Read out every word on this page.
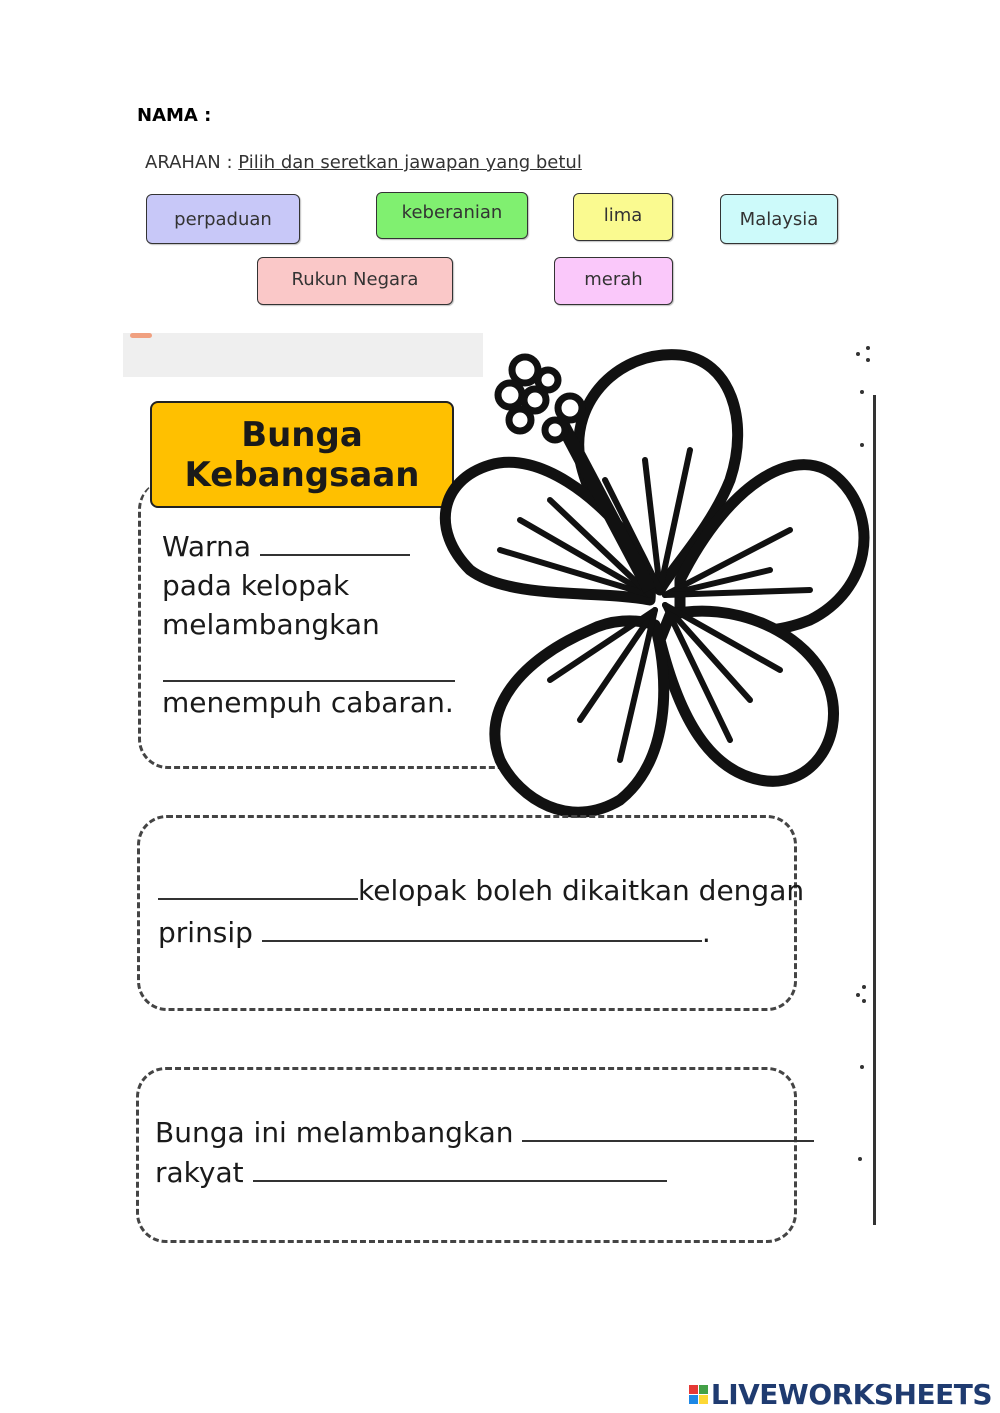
NAMA :
ARAHAN : Pilih dan seretkan jawapan yang betul
perpaduan	keberanian	lima	Malaysia
Rukun Negara	merah
Bunga
Kebangsaan
Warna
pada kelopak
melambangkan
menempuh cabaran.
kelopak boleh dikaitkan dengan
prinsip	.
Bunga ini melambangkan
rakyat
LIVEWORKSHEETS
